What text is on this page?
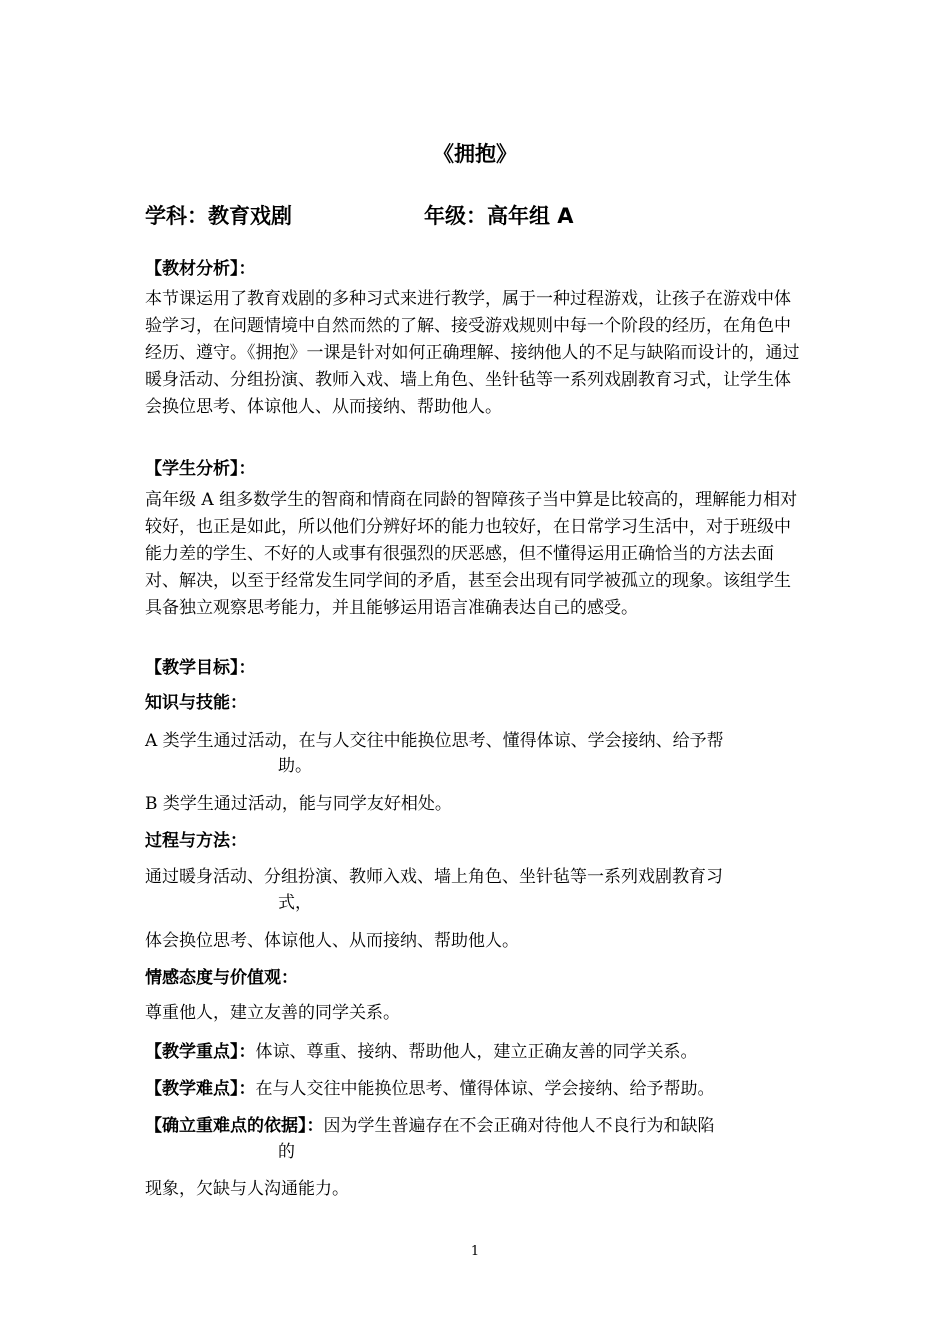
《拥抱》
学科：教育戏剧	年级：高年组 A
【教材分析】：
本节课运用了教育戏剧的多种习式来进行教学，属于一种过程游戏，让孩子在游戏中体验学习，在问题情境中自然而然的了解、接受游戏规则中每一个阶段的经历，在角色中经历、遵守。《拥抱》一课是针对如何正确理解、接纳他人的不足与缺陷而设计的，通过暖身活动、分组扮演、教师入戏、墙上角色、坐针毡等一系列戏剧教育习式，让学生体会换位思考、体谅他人、从而接纳、帮助他人。
【学生分析】：
高年级 A 组多数学生的智商和情商在同龄的智障孩子当中算是比较高的，理解能力相对较好，也正是如此，所以他们分辨好坏的能力也较好，在日常学习生活中，对于班级中能力差的学生、不好的人或事有很强烈的厌恶感，但不懂得运用正确恰当的方法去面对、解决，以至于经常发生同学间的矛盾，甚至会出现有同学被孤立的现象。该组学生具备独立观察思考能力，并且能够运用语言准确表达自己的感受。
【教学目标】：
知识与技能：
A 类学生通过活动，在与人交往中能换位思考、懂得体谅、学会接纳、给予帮
助。
B 类学生通过活动，能与同学友好相处。
过程与方法：
通过暖身活动、分组扮演、教师入戏、墙上角色、坐针毡等一系列戏剧教育习
式，
体会换位思考、体谅他人、从而接纳、帮助他人。
情感态度与价值观：
尊重他人，建立友善的同学关系。
【教学重点】：体谅、尊重、接纳、帮助他人，建立正确友善的同学关系。
【教学难点】：在与人交往中能换位思考、懂得体谅、学会接纳、给予帮助。
【确立重难点的依据】：因为学生普遍存在不会正确对待他人不良行为和缺陷
的
现象，欠缺与人沟通能力。
1
